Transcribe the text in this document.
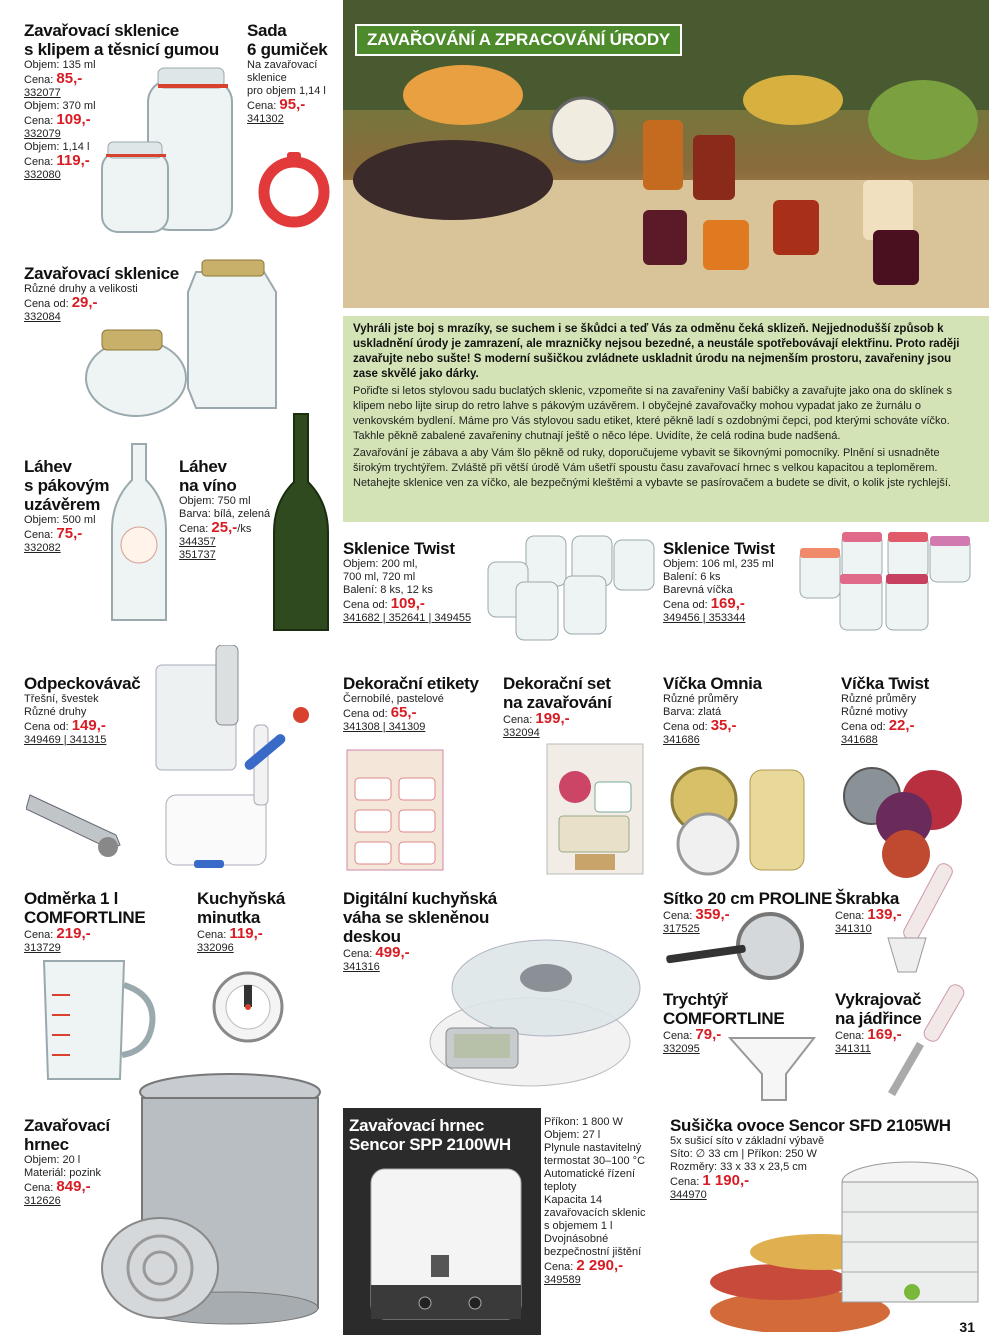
ZAVAŘOVÁNÍ A ZPRACOVÁNÍ ÚRODY
Vyhráli jste boj s mrazíky, se suchem i se škůdci a teď Vás za odměnu čeká sklizeň. Nejjednodušší způsob k uskladnění úrody je zamrazení, ale mrazničky nejsou bezedné, a neustále spotřebovávají elektřinu. Proto raději zavařujte nebo sušte! S moderní sušičkou zvládnete uskladnit úrodu na nejmenším prostoru, zavařeniny jsou zase skvělé jako dárky.
Pořiďte si letos stylovou sadu buclatých sklenic, vzpomeňte si na zavařeniny Vaší babičky a zavařujte jako ona do sklínek s klipem nebo lijte sirup do retro lahve s pákovým uzávěrem. I obyčejné zavařovačky mohou vypadat jako ze žurnálu o venkovském bydlení. Máme pro Vás stylovou sadu etiket, které pěkně ladí s ozdobnými čepci, pod kterými schováte víčko. Takhle pěkně zabalené zavařeniny chutnají ještě o něco lépe. Uvidíte, že celá rodina bude nadšená.
Zavařování je zábava a aby Vám šlo pěkně od ruky, doporučujeme vybavit se šikovnými pomocníky. Plnění si usnadněte širokým trychtýřem. Zvláště při větší úrodě Vám ušetří spoustu času zavařovací hrnec s velkou kapacitou a teploměrem. Netahejte sklenice ven za víčko, ale bezpečnými kleštěmi a vybavte se pasírovačem a budete se divit, o kolik jste rychlejší.
Zavařovací sklenice
s klipem a těsnicí gumou
Objem: 135 ml
Cena: 85,-
332077
Objem: 370 ml
Cena: 109,-
332079
Objem: 1,14 l
Cena: 119,-
332080
Sada
6 gumiček
Na zavařovací
sklenice
pro objem 1,14 l
Cena: 95,-
341302
Zavařovací sklenice
Různé druhy a velikosti
Cena od: 29,-
332084
Láhev
s pákovým
uzávěrem
Objem: 500 ml
Cena: 75,-
332082
Láhev
na víno
Objem: 750 ml
Barva: bílá, zelená
Cena: 25,-/ks
344357
351737	Sklenice Twist
Objem: 200 ml,
700 ml, 720 ml
Balení: 8 ks, 12 ks
Cena od: 109,-
341682 | 352641 | 349455
Sklenice Twist
Objem: 106 ml, 235 ml
Balení: 6 ks
Barevná víčka
Cena od: 169,-
349456 | 353344
Odpeckovávač
Třešní, švestek
Různé druhy
Cena od: 149,-
349469 | 341315
Dekorační etikety
Černobílé, pastelové
Cena od: 65,-
341308 | 341309
Dekorační set
na zavařování
Cena: 199,-
332094
Víčka Omnia
Různé průměry
Barva: zlatá
Cena od: 35,-
341686
Víčka Twist
Různé průměry
Různé motivy
Cena od: 22,-
341688
Odměrka 1 l
COMFORTLINE
Cena: 219,-
313729
Kuchyňská
minutka
Cena: 119,-
332096
Digitální kuchyňská
váha se skleněnou
deskou
Cena: 499,-
341316
Sítko 20 cm PROLINE
Cena: 359,-
317525
Škrabka
Cena: 139,-
341310
Trychtýř
COMFORTLINE
Cena: 79,-
332095
Vykrajovač
na jádřince
Cena: 169,-
341311
Zavařovací
hrnec
Objem: 20 l
Materiál: pozink
Cena: 849,-
312626
Zavařovací hrnec
Sencor SPP 2100WH
Příkon: 1 800 W
Objem: 27 l
Plynule nastavitelný
termostat 30–100 °C
Automatické řízení
teploty
Kapacita 14
zavařovacích sklenic
s objemem 1 l
Dvojnásobné
bezpečnostní jištění
Cena: 2 290,-
349589
Sušička ovoce Sencor SFD 2105WH
5x sušicí síto v základní výbavě
Síto: ∅ 33 cm | Příkon: 250 W
Rozměry: 33 x 33 x 23,5 cm
Cena: 1 190,-
344970
31
